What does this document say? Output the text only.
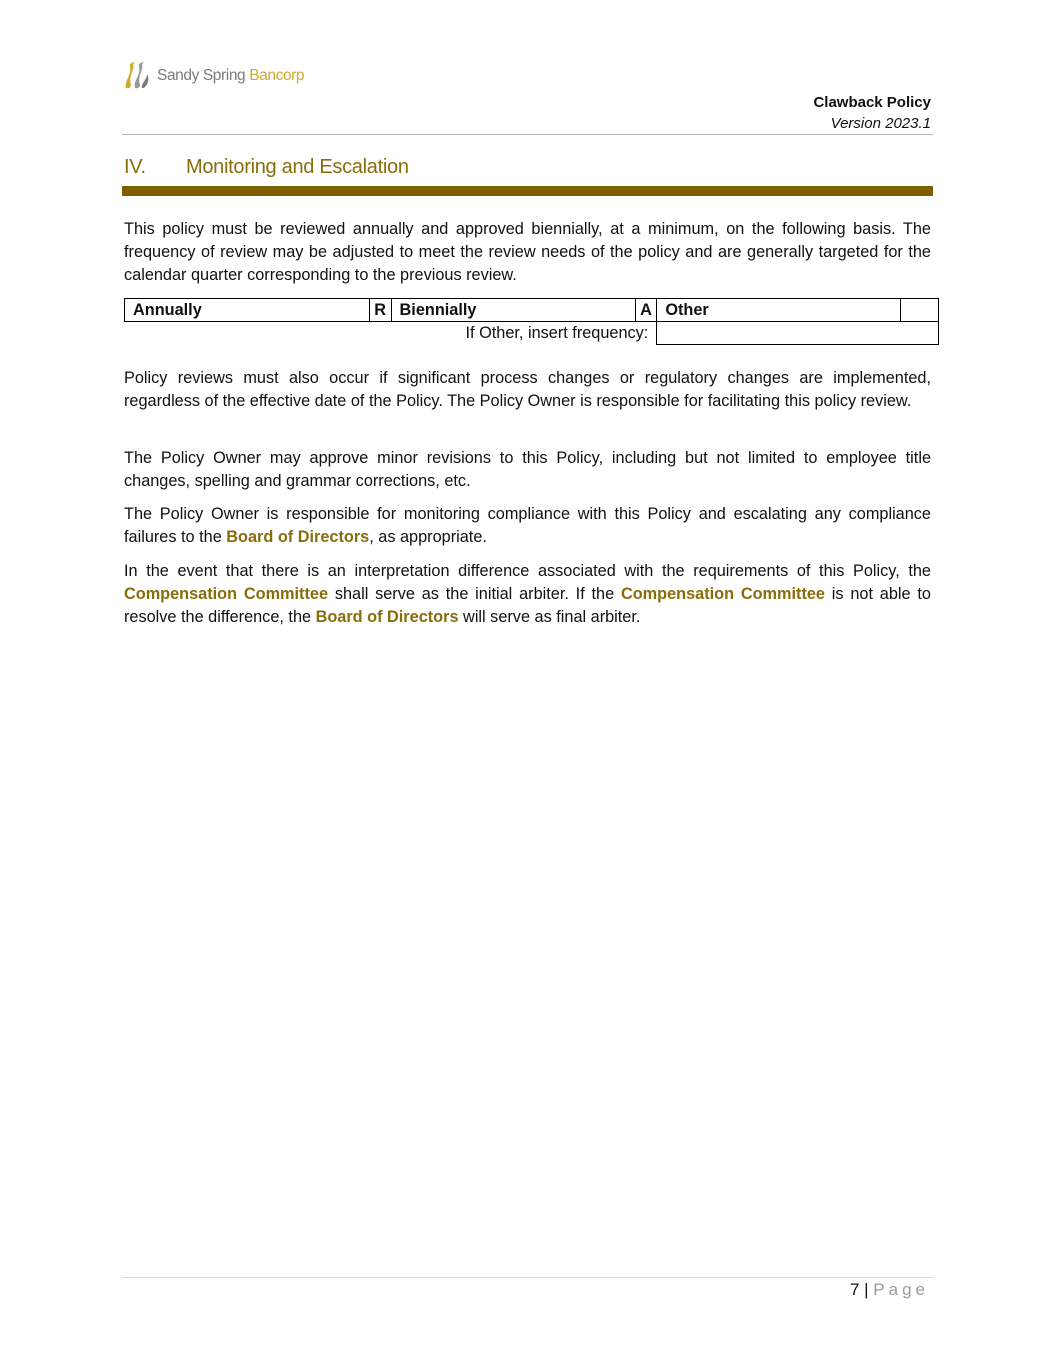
Sandy Spring Bancorp
Clawback Policy
Version 2023.1
IV.	Monitoring and Escalation
This policy must be reviewed annually and approved biennially, at a minimum, on the following basis. The frequency of review may be adjusted to meet the review needs of the policy and are generally targeted for the calendar quarter corresponding to the previous review.
Annually	R	Biennially	A	Other	
If Other, insert frequency:					
Policy reviews must also occur if significant process changes or regulatory changes are implemented, regardless of the effective date of the Policy. The Policy Owner is responsible for facilitating this policy review.
The Policy Owner may approve minor revisions to this Policy, including but not limited to employee title changes, spelling and grammar corrections, etc.
The Policy Owner is responsible for monitoring compliance with this Policy and escalating any compliance failures to the Board of Directors, as appropriate.
In the event that there is an interpretation difference associated with the requirements of this Policy, the Compensation Committee shall serve as the initial arbiter. If the Compensation Committee is not able to resolve the difference, the Board of Directors will serve as final arbiter.
7 | Page
